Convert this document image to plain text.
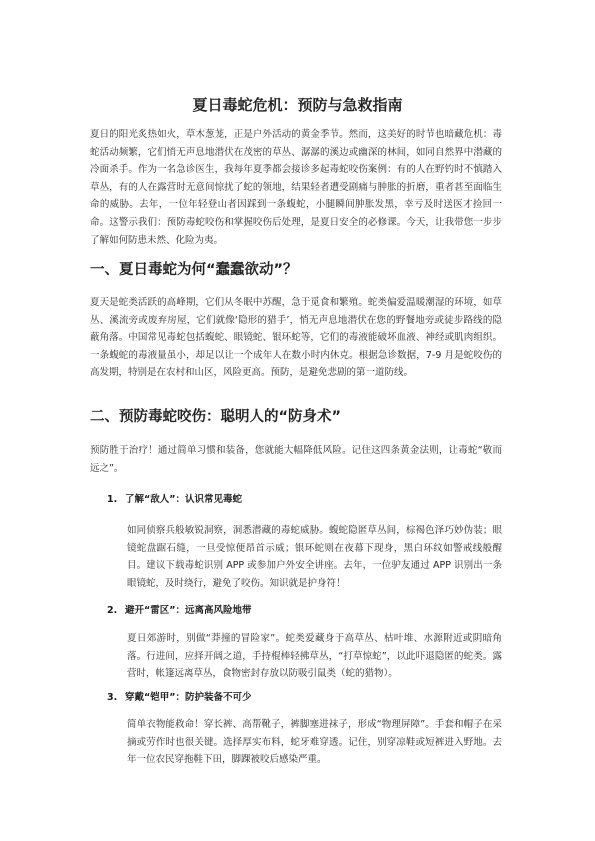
夏日毒蛇危机：预防与急救指南

夏日的阳光炙热如火，草木葱茏，正是户外活动的黄金季节。然而，这美好的时节也暗藏危机：毒蛇活动频繁，它们悄无声息地潜伏在茂密的草丛、潺潺的溪边或幽深的林间，如同自然界中潜藏的冷面杀手。作为一名急诊医生，我每年夏季都会接诊多起毒蛇咬伤案例：有的人在野钓时不慎踏入草丛，有的人在露营时无意间惊扰了蛇的领地，结果轻者遭受剧痛与肿胀的折磨，重者甚至面临生命的威胁。去年，一位年轻登山者因踩到一条蝮蛇，小腿瞬间肿胀发黑，幸亏及时送医才捡回一命。这警示我们：预防毒蛇咬伤和掌握咬伤后处理，是夏日安全的必修课。今天，让我带您一步步了解如何防患未然、化险为夷。

一、夏日毒蛇为何“蠢蠢欲动”？

夏天是蛇类活跃的高峰期，它们从冬眠中苏醒，急于觅食和繁殖。蛇类偏爱温暖潮湿的环境，如草丛、溪流旁或废弃房屋，它们就像‘隐形的猎手’，悄无声息地潜伏在您的野餐地旁或徒步路线的隐蔽角落。中国常见毒蛇包括蝮蛇、眼镜蛇、银环蛇等，它们的毒液能破坏血液、神经或肌肉组织。一条蝮蛇的毒液量虽小，却足以让一个成年人在数小时内休克。根据急诊数据，7-9 月是蛇咬伤的高发期，特别是在农村和山区，风险更高。预防，是避免悲剧的第一道防线。

二、预防毒蛇咬伤：聪明人的“防身术”

预防胜于治疗！通过简单习惯和装备，您就能大幅降低风险。记住这四条黄金法则，让毒蛇“敬而远之”。

1. 了解“敌人”：认识常见毒蛇

如同侦察兵般敏锐洞察，洞悉潜藏的毒蛇威胁。蝮蛇隐匿草丛间，棕褐色泽巧妙伪装；眼镜蛇盘踞石缝，一旦受惊便昂首示威；银环蛇则在夜幕下现身，黑白环纹如警戒线般醒目。建议下载毒蛇识别 APP 或参加户外安全讲座。去年，一位驴友通过 APP 识别出一条眼镜蛇，及时绕行，避免了咬伤。知识就是护身符！

2. 避开“雷区”：远离高风险地带

夏日郊游时，别做“莽撞的冒险家”。蛇类爱藏身于高草丛、枯叶堆、水源附近或阴暗角落。行进间，应择开阔之道，手持棍棒轻拂草丛，“打草惊蛇”，以此吓退隐匿的蛇类。露营时，帐篷远离草丛，食物密封存放以防吸引鼠类（蛇的猎物）。

3. 穿戴“铠甲”：防护装备不可少

简单衣物能救命！穿长裤、高帮靴子，裤脚塞进袜子，形成“物理屏障”。手套和帽子在采摘或劳作时也很关键。选择厚实布料，蛇牙难穿透。记住，别穿凉鞋或短裤进入野地。去年一位农民穿拖鞋下田，脚踝被咬后感染严重。
